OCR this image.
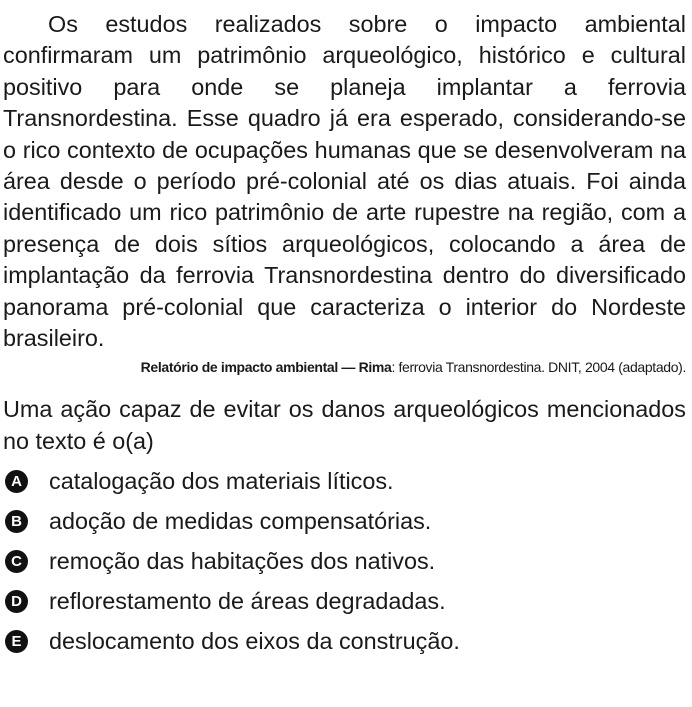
Os estudos realizados sobre o impacto ambiental confirmaram um patrimônio arqueológico, histórico e cultural positivo para onde se planeja implantar a ferrovia Transnordestina. Esse quadro já era esperado, considerando-se o rico contexto de ocupações humanas que se desenvolveram na área desde o período pré-colonial até os dias atuais. Foi ainda identificado um rico patrimônio de arte rupestre na região, com a presença de dois sítios arqueológicos, colocando a área de implantação da ferrovia Transnordestina dentro do diversificado panorama pré-colonial que caracteriza o interior do Nordeste brasileiro.

Relatório de impacto ambiental — Rima: ferrovia Transnordestina. DNIT, 2004 (adaptado).

Uma ação capaz de evitar os danos arqueológicos mencionados no texto é o(a)

A catalogação dos materiais líticos.
B adoção de medidas compensatórias.
C remoção das habitações dos nativos.
D reflorestamento de áreas degradadas.
E deslocamento dos eixos da construção.
